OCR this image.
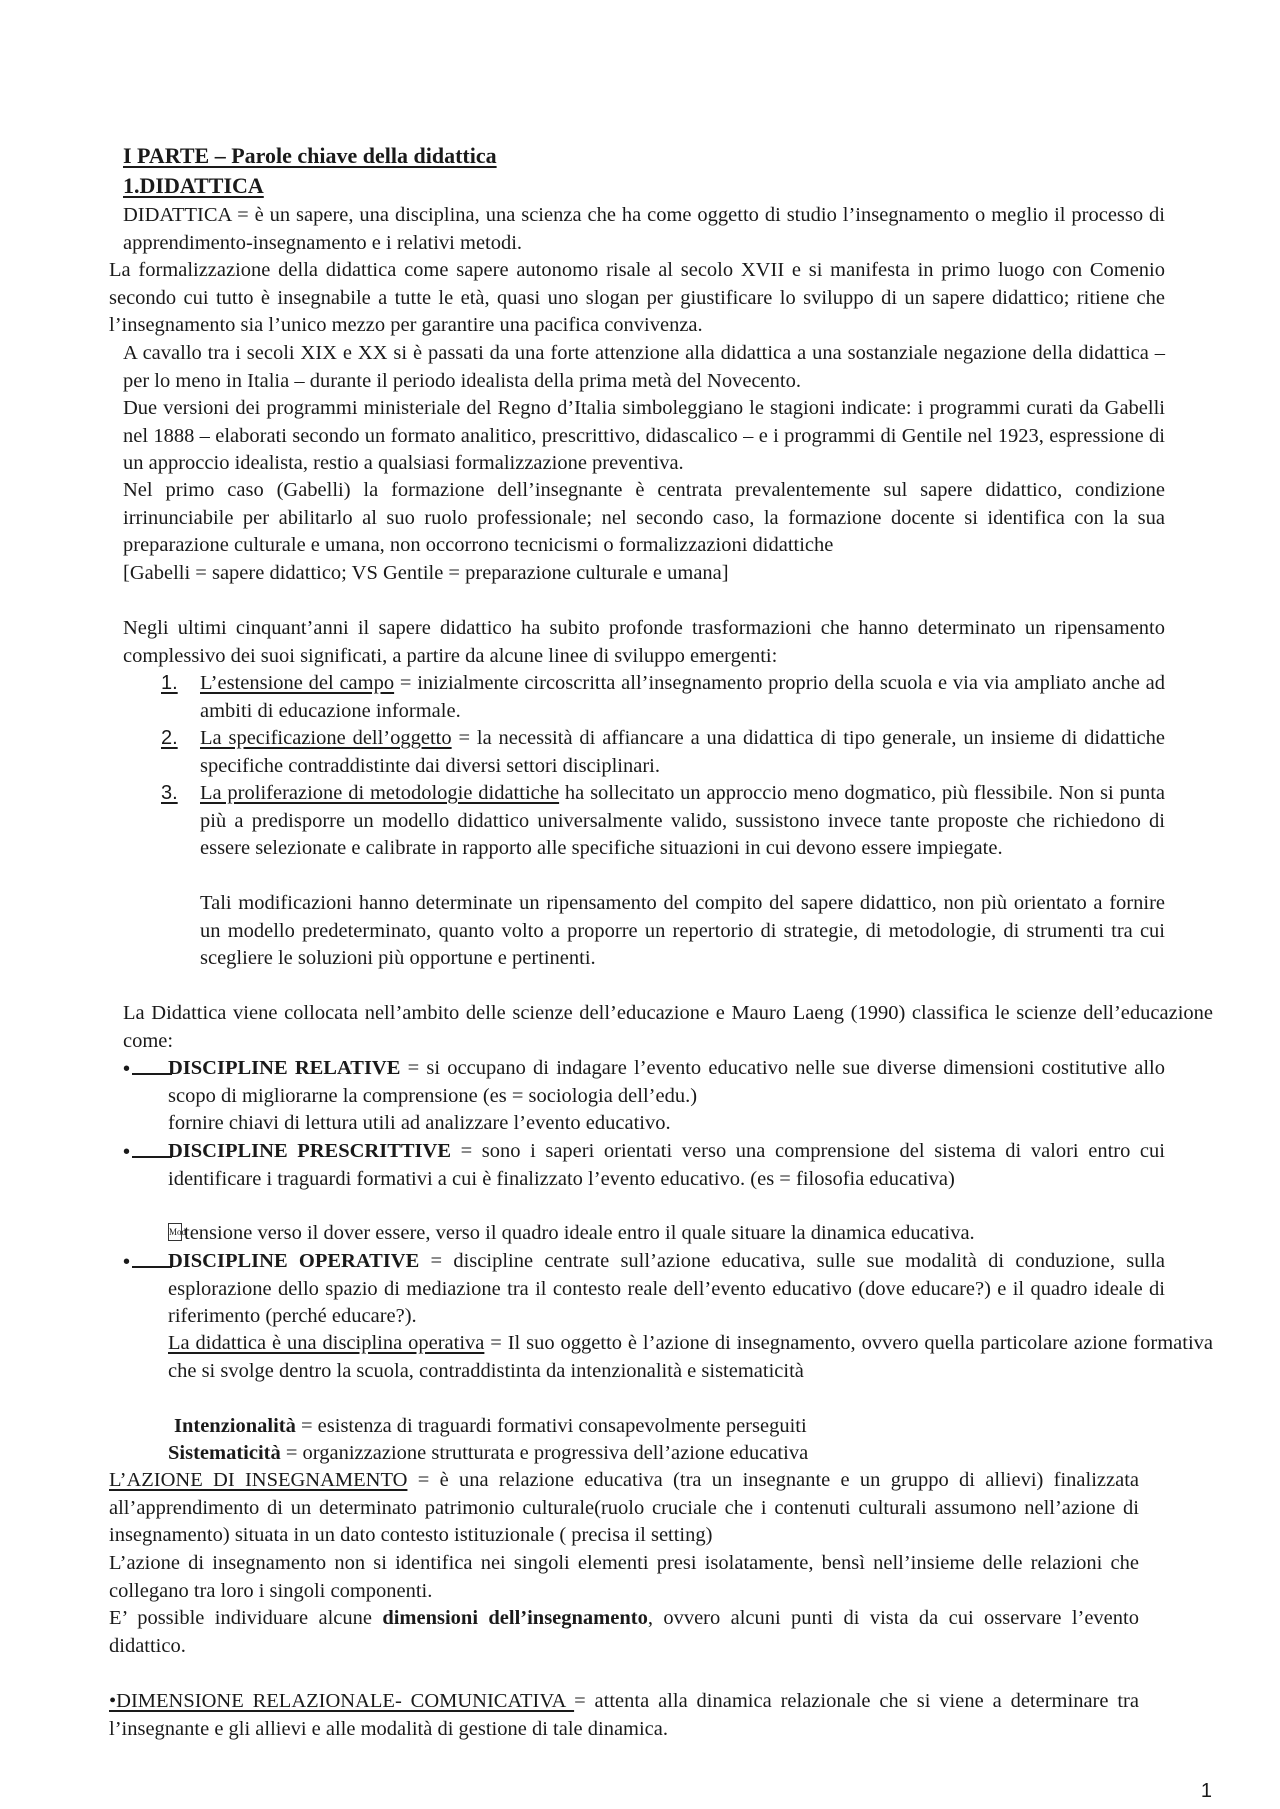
I PARTE – Parole chiave della didattica
1.DIDATTICA
DIDATTICA = è un sapere, una disciplina, una scienza che ha come oggetto di studio l’insegnamento o meglio il processo di apprendimento-insegnamento e i relativi metodi.
La formalizzazione della didattica come sapere autonomo risale al secolo XVII e si manifesta in primo luogo con Comenio secondo cui tutto è insegnabile a tutte le età, quasi uno slogan per giustificare lo sviluppo di un sapere didattico; ritiene che l’insegnamento sia l’unico mezzo per garantire una pacifica convivenza.
A cavallo tra i secoli XIX e XX si è passati da una forte attenzione alla didattica a una sostanziale negazione della didattica – per lo meno in Italia – durante il periodo idealista della prima metà del Novecento.
Due versioni dei programmi ministeriale del Regno d’Italia simboleggiano le stagioni indicate: i programmi curati da Gabelli nel 1888 – elaborati secondo un formato analitico, prescrittivo, didascalico – e i programmi di Gentile nel 1923, espressione di un approccio idealista, restio a qualsiasi formalizzazione preventiva.
Nel primo caso (Gabelli) la formazione dell’insegnante è centrata prevalentemente sul sapere didattico, condizione irrinunciabile per abilitarlo al suo ruolo professionale; nel secondo caso, la formazione docente si identifica con la sua preparazione culturale e umana, non occorrono tecnicismi o formalizzazioni didattiche
[Gabelli = sapere didattico; VS Gentile = preparazione culturale e umana]
Negli ultimi cinquant’anni il sapere didattico ha subito profonde trasformazioni che hanno determinato un ripensamento complessivo dei suoi significati, a partire da alcune linee di sviluppo emergenti:
1.	L’estensione del campo = inizialmente circoscritta all’insegnamento proprio della scuola e via via ampliato anche ad ambiti di educazione informale.
2.	La specificazione dell’oggetto = la necessità di affiancare a una didattica di tipo generale, un insieme di didattiche specifiche contraddistinte dai diversi settori disciplinari.
3.	La proliferazione di metodologie didattiche ha sollecitato un approccio meno dogmatico, più flessibile. Non si punta più a predisporre un modello didattico universalmente valido, sussistono invece tante proposte che richiedono di essere selezionate e calibrate in rapporto alle specifiche situazioni in cui devono essere impiegate.
Tali modificazioni hanno determinate un ripensamento del compito del sapere didattico, non più orientato a fornire un modello predeterminato, quanto volto a proporre un repertorio di strategie, di metodologie, di strumenti tra cui scegliere le soluzioni più opportune e pertinenti.
La Didattica viene collocata nell’ambito delle scienze dell’educazione e Mauro Laeng (1990) classifica le scienze dell’educazione come:
•	DISCIPLINE RELATIVE = si occupano di indagare l’evento educativo nelle sue diverse dimensioni costitutive allo scopo di migliorarne la comprensione (es = sociologia dell’edu.)
fornire chiavi di lettura utili ad analizzare l’evento educativo.
•	DISCIPLINE PRESCRITTIVE = sono i saperi orientati verso una comprensione del sistema di valori entro cui identificare i traguardi formativi a cui è finalizzato l’evento educativo. (es = filosofia educativa)
Modtensione verso il dover essere, verso il quadro ideale entro il quale situare la dinamica educativa.
•	DISCIPLINE OPERATIVE = discipline centrate sull’azione educativa, sulle sue modalità di conduzione, sulla esplorazione dello spazio di mediazione tra il contesto reale dell’evento educativo (dove educare?) e il quadro ideale di riferimento (perché educare?).
La didattica è una disciplina operativa = Il suo oggetto è l’azione di insegnamento, ovvero quella particolare azione formativa che si svolge dentro la scuola, contraddistinta da intenzionalità e sistematicità
Intenzionalità = esistenza di traguardi formativi consapevolmente perseguiti
Sistematicità = organizzazione strutturata e progressiva dell’azione educativa
L’AZIONE DI INSEGNAMENTO = è una relazione educativa (tra un insegnante e un gruppo di allievi) finalizzata all’apprendimento di un determinato patrimonio culturale(ruolo cruciale che i contenuti culturali assumono nell’azione di insegnamento) situata in un dato contesto istituzionale ( precisa il setting)
L’azione di insegnamento non si identifica nei singoli elementi presi isolatamente, bensì nell’insieme delle relazioni che collegano tra loro i singoli componenti.
E’ possible individuare alcune dimensioni dell’insegnamento, ovvero alcuni punti di vista da cui osservare l’evento didattico.
•DIMENSIONE RELAZIONALE- COMUNICATIVA = attenta alla dinamica relazionale che si viene a determinare tra l’insegnante e gli allievi e alle modalità di gestione di tale dinamica.
1
